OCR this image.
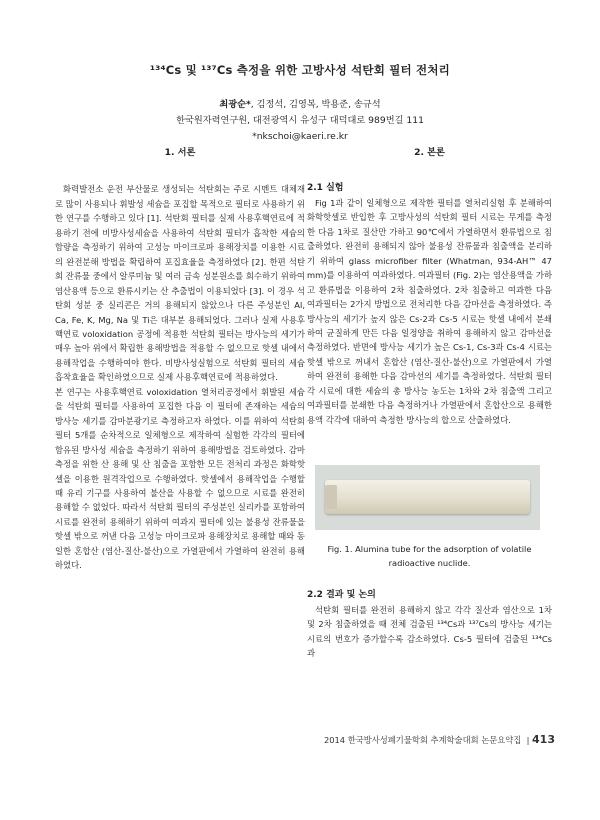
¹³⁴Cs 및 ¹³⁷Cs 측정을 위한 고방사성 석탄회 필터 전처리
최광순*, 김정석, 김영복, 박용준, 송규석
한국원자력연구원, 대전광역시 유성구 대덕대로 989번길 111
*nkschoi@kaeri.re.kr
1. 서론

화력발전소 운전 부산물로 생성되는 석탄회는 주로 시멘트 대체재로 많이 사용되나 휘발성 세슘을 포집할 목적으로 필터로 사용하기 위한 연구를 수행하고 있다 [1]. 석탄회 필터를 실제 사용후핵연료에 적용하기 전에 비방사성세슘을 사용하여 석탄회 필터가 흡착한 세슘의 함량을 측정하기 위하여 고성능 마이크로파 용해장치를 이용한 시료의 완전분해 방법을 확립하여 포집효율을 측정하였다 [2]. 한편 석탄회 잔류물 중에서 알루미늄 및 여러 금속 성분원소를 회수하기 위하여 염산용액 등으로 환류시키는 산 추출법이 이용되었다 [3]. 이 경우 석탄회 성분 중 실리콘은 거의 용해되지 않았으나 다른 주성분인 Al, Ca, Fe, K, Mg, Na 및 Ti은 대부분 용해되었다. 그러나 실제 사용후핵연료 voloxidation 공정에 적용한 석탄회 필터는 방사능의 세기가 매우 높아 위에서 확립한 용해방법을 적용할 수 없으므로 핫셀 내에서 용해작업을 수행하여야 한다. 비방사성실험으로 석탄회 필터의 세슘 흡착효율을 확인하였으므로 실제 사용후핵연료에 적용하였다.

본 연구는 사용후핵연료 voloxidation 열처리공정에서 휘발된 세슘을 석탄회 필터를 사용하여 포집한 다음 이 필터에 존재하는 세슘의 방사능 세기를 감마분광기로 측정하고자 하였다. 이를 위하여 석탄회 필터 5개를 순차적으로 일체형으로 제작하여 실험한 각각의 필터에 함유된 방사성 세슘을 측정하기 위하여 용해방법을 검토하였다. 감마측정을 위한 산 용해 및 산 침출을 포함한 모든 전처리 과정은 화학핫셀을 이용한 원격작업으로 수행하였다. 핫셀에서 용해작업을 수행할 때 유리 기구를 사용하여 불산을 사용할 수 없으므로 시료를 완전히 용해할 수 없었다. 따라서 석탄회 필터의 주성분인 실리카를 포함하여 시료를 완전히 용해하기 위하여 여과지 필터에 있는 불용성 잔류물을 핫셀 밖으로 꺼낸 다음 고성능 마이크로파 용해장치로 용해할 때와 동일한 혼합산 (염산-질산-불산)으로 가열판에서 가열하여 완전히 용해하였다.

2. 본론
2.1 실험

Fig 1과 같이 일체형으로 제작한 필터를 열처리실험 후 분해하여 화학핫셀로 반입한 후 고방사성의 석탄회 필터 시료는 무게를 측정한 다음 1차로 질산만 가하고 90℃에서 가열하면서 환류법으로 침출하였다. 완전히 용해되지 않아 불용성 잔류물과 침출액을 분리하기 위하여 glass microfiber filter (Whatman, 934-AH™ 47 mm)를 이용하여 여과하였다. 여과필터 (Fig. 2)는 염산용액을 가하고 환류법을 이용하여 2차 침출하였다. 2차 침출하고 여과한 다음 여과필터는 2가지 방법으로 전처리한 다음 감마선을 측정하였다. 즉 방사능의 세기가 높지 않은 Cs-2과 Cs-5 시료는 핫셀 내에서 분쇄하여 균질하게 만든 다음 일정양을 취하여 용해하지 않고 감마선을 측정하였다. 반면에 방사능 세기가 높은 Cs-1, Cs-3과 Cs-4 시료는 핫셀 밖으로 꺼내서 혼합산 (염산-질산-불산)으로 가열판에서 가열하여 완전히 용해한 다음 감마선의 세기를 측정하였다. 석탄회 필터 각 시료에 대한 세슘의 총 방사능 농도는 1차와 2차 침출액 그리고 여과필터를 분쇄한 다음 측정하거나 가열판에서 혼합산으로 용해한 용액 각각에 대하여 측정한 방사능의 합으로 산출하였다.

Fig. 1. Alumina tube for the adsorption of volatile radioactive nuclide.
2.2 결과 및 논의

석탄회 필터를 완전히 용해하지 않고 각각 질산과 염산으로 1차 및 2차 침출하였을 때 전체 검출된 ¹³⁴Cs과 ¹³⁷Cs의 방사능 세기는 시료의 번호가 증가할수록 감소하였다. Cs-5 필터에 검출된 ¹³⁴Cs과

2014 한국방사성폐기물학회 추계학술대회 논문요약집  | 413
